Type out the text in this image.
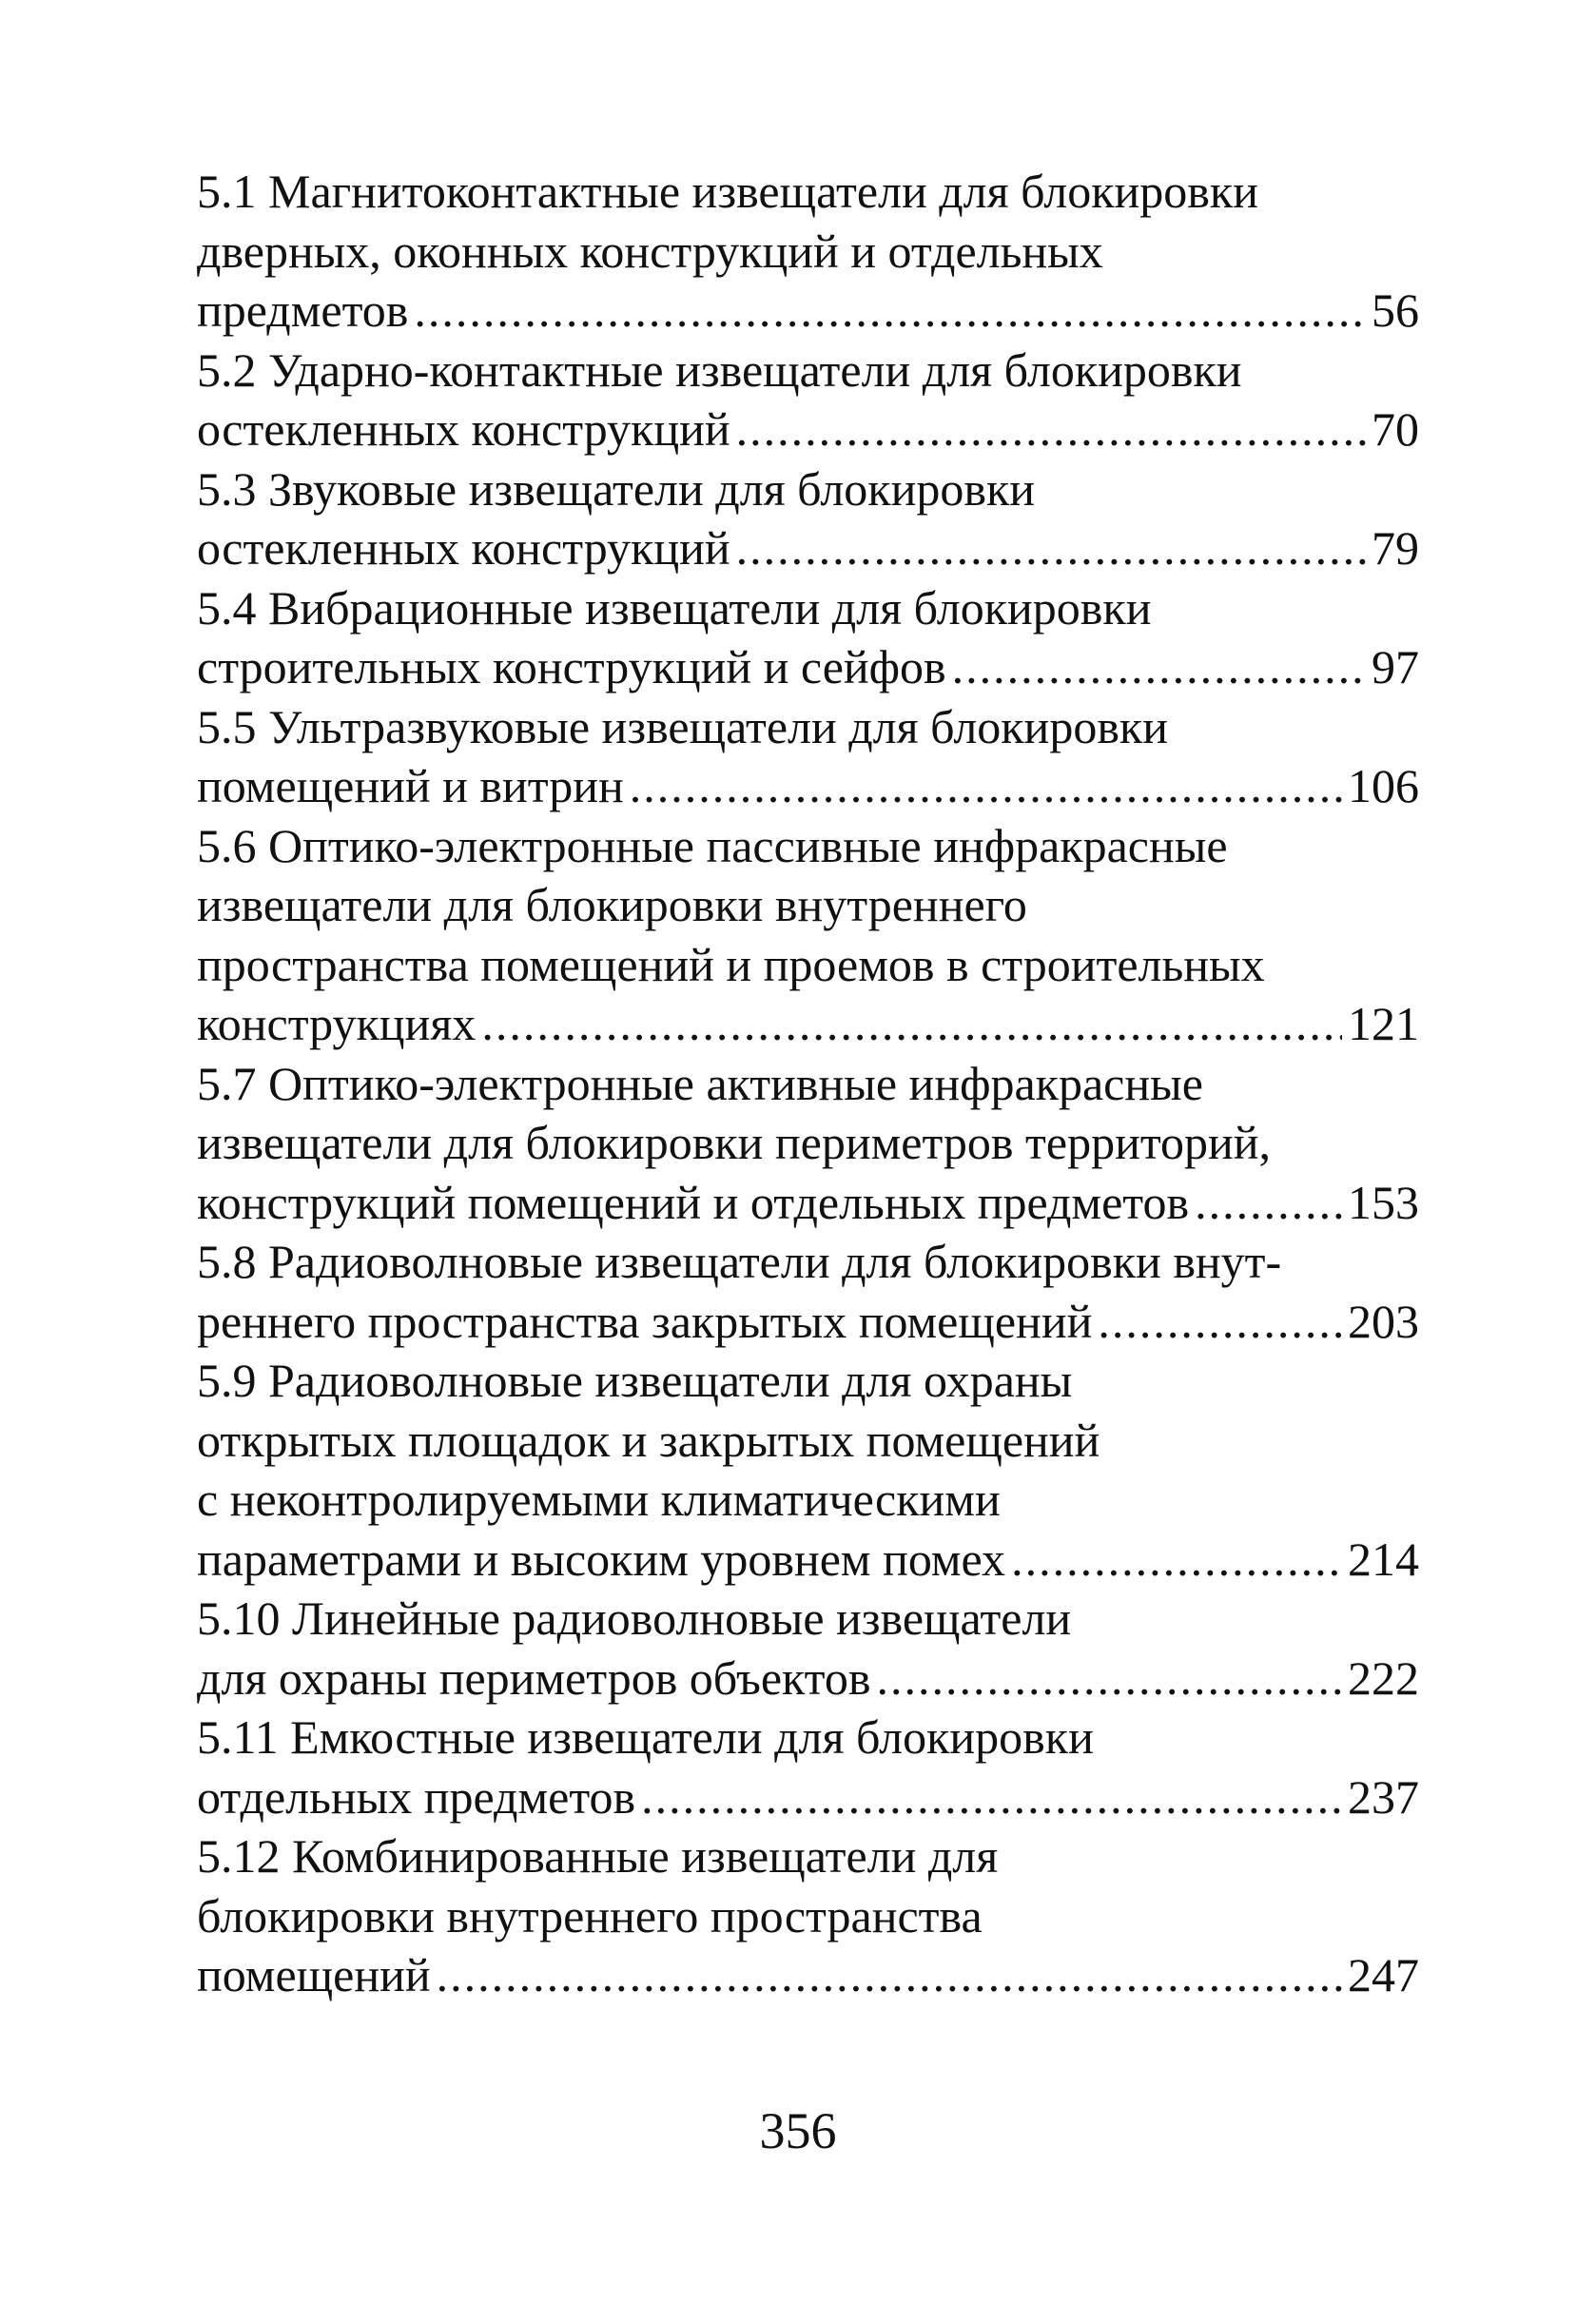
5.1 Магнитоконтактные извещатели для блокировки
дверных, оконных конструкций и отдельных
предметов .....	56
5.2 Ударно-контактные извещатели для блокировки
остекленных конструкций .....	70
5.3 Звуковые извещатели для блокировки
остекленных конструкций .....	79
5.4 Вибрационные извещатели для блокировки
строительных конструкций и сейфов .....	97
5.5 Ультразвуковые извещатели для блокировки
помещений и витрин .....	106
5.6 Оптико-электронные пассивные инфракрасные
извещатели для блокировки внутреннего
пространства помещений и проемов в строительных
конструкциях .....	121
5.7 Оптико-электронные активные инфракрасные
извещатели для блокировки периметров территорий,
конструкций помещений и отдельных предметов .....	153
5.8 Радиоволновые извещатели для блокировки внут-
реннего пространства закрытых помещений .....	203
5.9 Радиоволновые извещатели для охраны
открытых площадок и закрытых помещений
с неконтролируемыми климатическими
параметрами и высоким уровнем помех .....	214
5.10 Линейные радиоволновые извещатели
для охраны периметров объектов .....	222
5.11 Емкостные извещатели для блокировки
отдельных предметов .....	237
5.12 Комбинированные извещатели для
блокировки внутреннего пространства
помещений .....	247
356
